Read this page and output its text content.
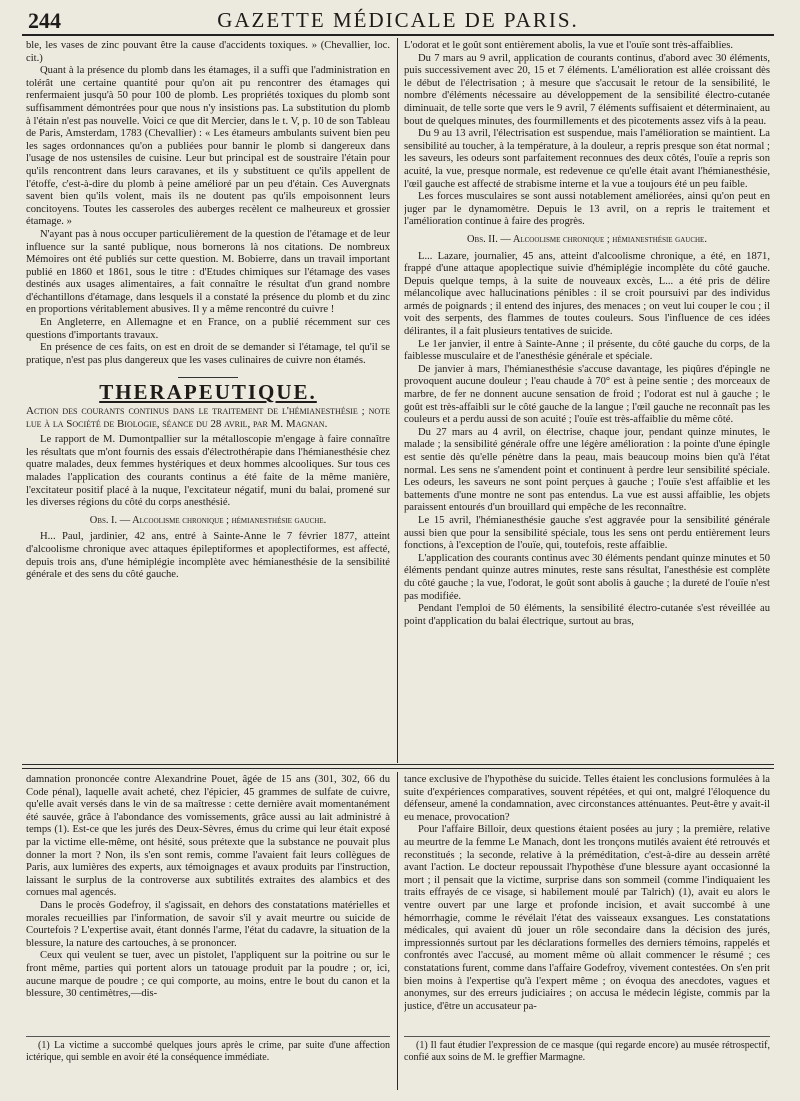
244	GAZETTE MÉDICALE DE PARIS.

ble, les vases de zinc pouvant être la cause d'accidents toxiques. » (Chevallier, loc. cit.)

Quant à la présence du plomb dans les étamages, il a suffi que l'administration en tolérât une certaine quantité pour qu'on ait pu rencontrer des étamages qui renfermaient jusqu'à 50 pour 100 de plomb. Les propriétés toxiques du plomb sont suffisamment démontrées pour que nous n'y insistions pas. La substitution du plomb à l'étain n'est pas nouvelle. Voici ce que dit Mercier, dans le t. V, p. 10 de son Tableau de Paris, Amsterdam, 1783 (Chevallier) : « Les étameurs ambulants suivent bien peu les sages ordonnances qu'on a publiées pour bannir le plomb si dangereux dans l'usage de nos ustensiles de cuisine. Leur but principal est de soustraire l'étain pour qu'ils rencontrent dans leurs caravanes, et ils y substituent ce qu'ils appellent de l'étoffe, c'est-à-dire du plomb à peine amélioré par un peu d'étain. Ces Auvergnats savent bien qu'ils volent, mais ils ne doutent pas qu'ils empoisonnent leurs concitoyens. Toutes les casseroles des auberges recèlent ce malheureux et grossier étamage. »

N'ayant pas à nous occuper particulièrement de la question de l'étamage et de leur influence sur la santé publique, nous bornerons là nos citations. De nombreux Mémoires ont été publiés sur cette question. M. Bobierre, dans un travail important publié en 1860 et 1861, sous le titre : d'Etudes chimiques sur l'étamage des vases destinés aux usages alimentaires, a fait connaître le résultat d'un grand nombre d'échantillons d'étamage, dans lesquels il a constaté la présence du plomb et du zinc en proportions véritablement abusives. Il y a même rencontré du cuivre !

En Angleterre, en Allemagne et en France, on a publié récemment sur ces questions d'importants travaux.

En présence de ces faits, on est en droit de se demander si l'étamage, tel qu'il se pratique, n'est pas plus dangereux que les vases culinaires de cuivre non étamés.

THERAPEUTIQUE.

Action des courants continus dans le traitement de l'hémianesthésie ; note lue à la Société de Biologie, séance du 28 avril, par M. Magnan.

Le rapport de M. Dumontpallier sur la métalloscopie m'engage à faire connaître les résultats que m'ont fournis des essais d'électrothérapie dans l'hémianesthésie chez quatre malades, deux femmes hystériques et deux hommes alcooliques. Sur tous ces malades l'application des courants continus a été faite de la même manière, l'excitateur positif placé à la nuque, l'excitateur négatif, muni du balai, promené sur les diverses régions du côté du corps anesthésié.

Obs. I. — Alcoolisme chronique ; hémianesthésie gauche.

H... Paul, jardinier, 42 ans, entré à Sainte-Anne le 7 février 1877, atteint d'alcoolisme chronique avec attaques épileptiformes et apoplectiformes, est affecté, depuis trois ans, d'une hémiplégie incomplète avec hémianesthésie de la sensibilité générale et des sens du côté gauche.

L'odorat et le goût sont entièrement abolis, la vue et l'ouïe sont très-affaiblies.

Du 7 mars au 9 avril, application de courants continus, d'abord avec 30 éléments, puis successivement avec 20, 15 et 7 éléments. L'amélioration est allée croissant dès le début de l'électrisation ; à mesure que s'accusait le retour de la sensibilité, le nombre d'éléments nécessaire au développement de la sensibilité électro-cutanée diminuait, de telle sorte que vers le 9 avril, 7 éléments suffisaient et déterminaient, au bout de quelques minutes, des fourmillements et des picotements assez vifs à la peau.

Du 9 au 13 avril, l'électrisation est suspendue, mais l'amélioration se maintient. La sensibilité au toucher, à la température, à la douleur, a repris presque son état normal ; les saveurs, les odeurs sont parfaitement reconnues des deux côtés, l'ouïe a repris son acuité, la vue, presque normale, est redevenue ce qu'elle était avant l'hémianesthésie, l'œil gauche est affecté de strabisme interne et la vue a toujours été un peu faible.

Les forces musculaires se sont aussi notablement améliorées, ainsi qu'on peut en juger par le dynamomètre. Depuis le 13 avril, on a repris le traitement et l'amélioration continue à faire des progrès.

Obs. II. — Alcoolisme chronique ; hémianesthésie gauche.

L... Lazare, journalier, 45 ans, atteint d'alcoolisme chronique, a été, en 1871, frappé d'une attaque apoplectique suivie d'hémiplégie incomplète du côté gauche. Depuis quelque temps, à la suite de nouveaux excès, L... a été pris de délire mélancolique avec hallucinations pénibles : il se croit poursuivi par des individus armés de poignards ; il entend des injures, des menaces ; on veut lui couper le cou ; il voit des serpents, des flammes de toutes couleurs. Sous l'influence de ces idées délirantes, il a fait plusieurs tentatives de suicide.

Le 1er janvier, il entre à Sainte-Anne ; il présente, du côté gauche du corps, de la faiblesse musculaire et de l'anesthésie générale et spéciale.

De janvier à mars, l'hémianesthésie s'accuse davantage, les piqûres d'épingle ne provoquent aucune douleur ; l'eau chaude à 70° est à peine sentie ; des morceaux de marbre, de fer ne donnent aucune sensation de froid ; l'odorat est nul à gauche ; le goût est très-affaibli sur le côté gauche de la langue ; l'œil gauche ne reconnaît pas les couleurs et a perdu aussi de son acuité ; l'ouïe est très-affaiblie du même côté.

Du 27 mars au 4 avril, on électrise, chaque jour, pendant quinze minutes, le malade ; la sensibilité générale offre une légère amélioration : la pointe d'une épingle est sentie dès qu'elle pénètre dans la peau, mais beaucoup moins bien qu'à l'état normal. Les sens ne s'amendent point et continuent à perdre leur sensibilité spéciale. Les odeurs, les saveurs ne sont point perçues à gauche ; l'ouïe s'est affaiblie et les battements d'une montre ne sont pas entendus. La vue est aussi affaiblie, les objets paraissent entourés d'un brouillard qui empêche de les reconnaître.

Le 15 avril, l'hémianesthésie gauche s'est aggravée pour la sensibilité générale aussi bien que pour la sensibilité spéciale, tous les sens ont perdu entièrement leurs fonctions, à l'exception de l'ouïe, qui, toutefois, reste affaiblie.

L'application des courants continus avec 30 éléments pendant quinze minutes et 50 éléments pendant quinze autres minutes, reste sans résultat, l'anesthésie est complète du côté gauche ; la vue, l'odorat, le goût sont abolis à gauche ; la dureté de l'ouïe n'est pas modifiée.

Pendant l'emploi de 50 éléments, la sensibilité électro-cutanée s'est réveillée au point d'application du balai électrique, surtout au bras,

damnation prononcée contre Alexandrine Pouet, âgée de 15 ans (301, 302, 66 du Code pénal), laquelle avait acheté, chez l'épicier, 45 grammes de sulfate de cuivre, qu'elle avait versés dans le vin de sa maîtresse : cette dernière avait momentanément été sauvée, grâce à l'abondance des vomissements, grâce aussi au lait administré à temps (1). Est-ce que les jurés des Deux-Sèvres, émus du crime qui leur était exposé par la victime elle-même, ont hésité, sous prétexte que la substance ne pouvait plus donner la mort ? Non, ils s'en sont remis, comme l'avaient fait leurs collègues de Paris, aux lumières des experts, aux témoignages et avaux produits par l'instruction, laissant le surplus de la controverse aux subtilités extraites des alambics et des cornues mal agencés.

Dans le procès Godefroy, il s'agissait, en dehors des constatations matérielles et morales recueillies par l'information, de savoir s'il y avait meurtre ou suicide de Courtefois ? L'expertise avait, étant donnés l'arme, l'état du cadavre, la situation de la blessure, la nature des cartouches, à se prononcer.

Ceux qui veulent se tuer, avec un pistolet, l'appliquent sur la poitrine ou sur le front même, parties qui portent alors un tatouage produit par la poudre ; or, ici, aucune marque de poudre ; ce qui comporte, au moins, entre le bout du canon et la blessure, 30 centimètres,—dis-

(1) La victime a succombé quelques jours après le crime, par suite d'une affection ictérique, qui semble en avoir été la conséquence immédiate.

tance exclusive de l'hypothèse du suicide. Telles étaient les conclusions formulées à la suite d'expériences comparatives, souvent répétées, et qui ont, malgré l'éloquence du défenseur, amené la condamnation, avec circonstances atténuantes. Peut-être y avait-il eu menace, provocation?

Pour l'affaire Billoir, deux questions étaient posées au jury ; la première, relative au meurtre de la femme Le Manach, dont les tronçons mutilés avaient été retrouvés et reconstitués ; la seconde, relative à la préméditation, c'est-à-dire au dessein arrêté avant l'action. Le docteur repoussait l'hypothèse d'une blessure ayant occasionné la mort ; il pensait que la victime, surprise dans son sommeil (comme l'indiquaient les traits effrayés de ce visage, si habilement moulé par Talrich) (1), avait eu alors le ventre ouvert par une large et profonde incision, et avait succombé à une hémorrhagie, comme le révélait l'état des vaisseaux exsangues. Les constatations médicales, qui avaient dû jouer un rôle secondaire dans la décision des jurés, impressionnés surtout par les déclarations formelles des derniers témoins, rappelés et confrontés avec l'accusé, au moment même où allait commencer le résumé ; ces constatations furent, comme dans l'affaire Godefroy, vivement contestées. On s'en prit bien moins à l'expertise qu'à l'expert même ; on évoqua des anecdotes, vagues et anonymes, sur des erreurs judiciaires ; on accusa le médecin légiste, commis par la justice, d'être un accusateur pa-

(1) Il faut étudier l'expression de ce masque (qui regarde encore) au musée rétrospectif, confié aux soins de M. le greffier Marmagne.
